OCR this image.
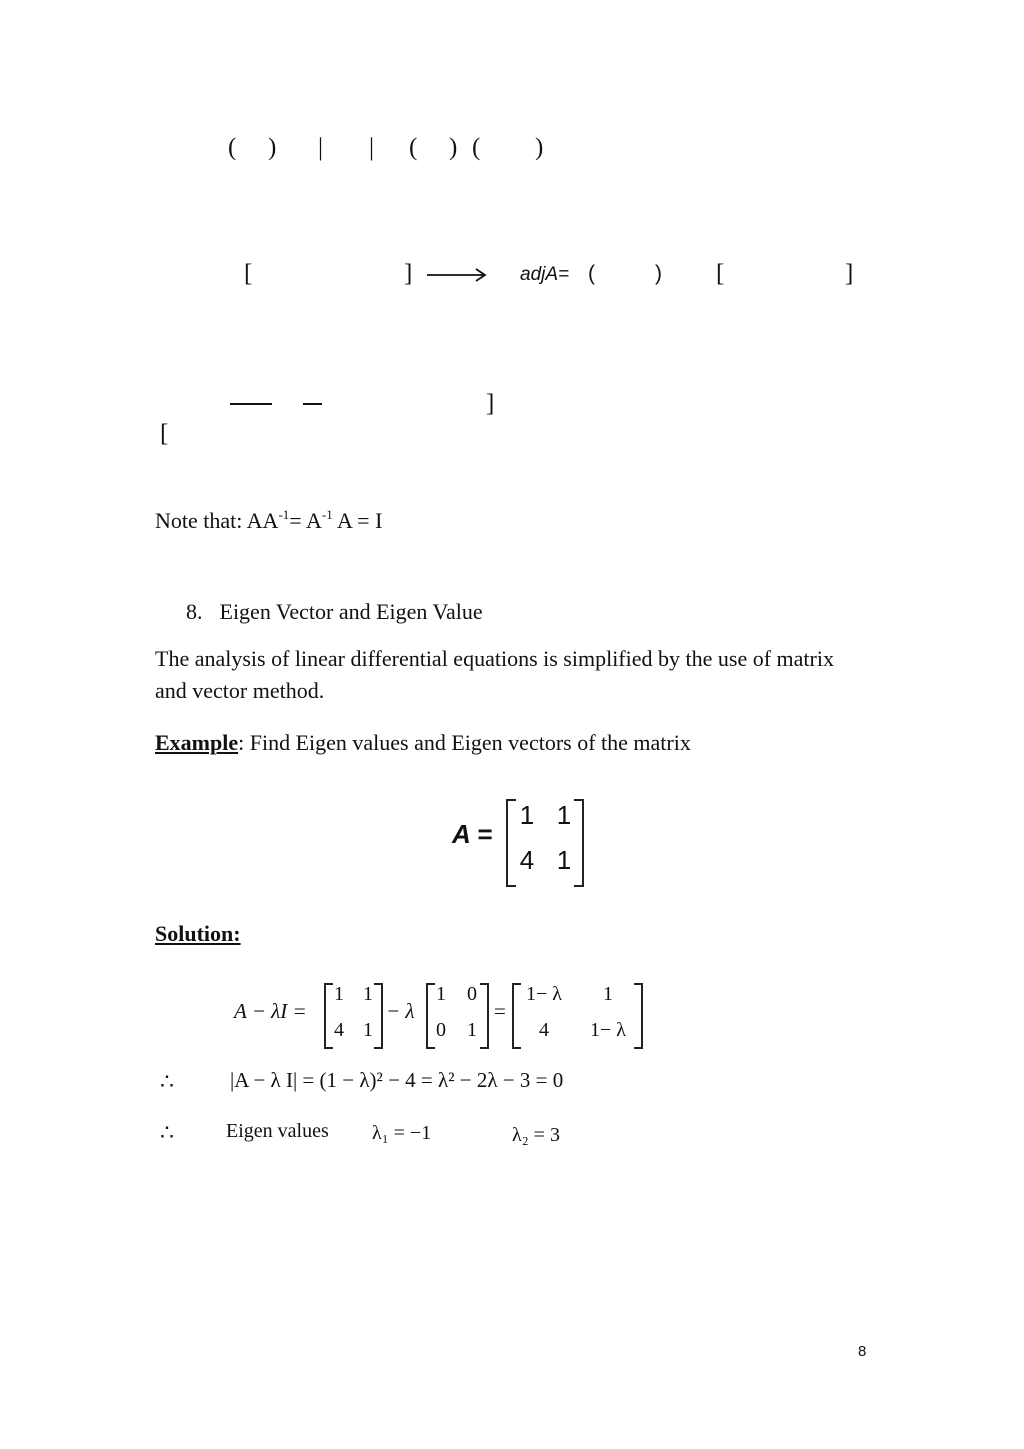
( ) | | ( ) ( )
[	]	adjA= (	) [	]
]
[
Note that: $AA^{-1}= A^{-1}$ A = I
8. Eigen Vector and Eigen Value
The analysis of linear differential equations is simplified by the use of matrix and vector method.
Example: Find Eigen values and Eigen vectors of the matrix
A =
1 1
4 1
Solution:
A − λI =
1 1
4 1
− λ
1 0
0 1
=
1− λ	1
4	1− λ
∴	|A − λ I| = (1 − λ)² − 4 = λ² − 2λ − 3 = 0
∴	Eigen values λ₁ = −1	λ₂ = 3
8
